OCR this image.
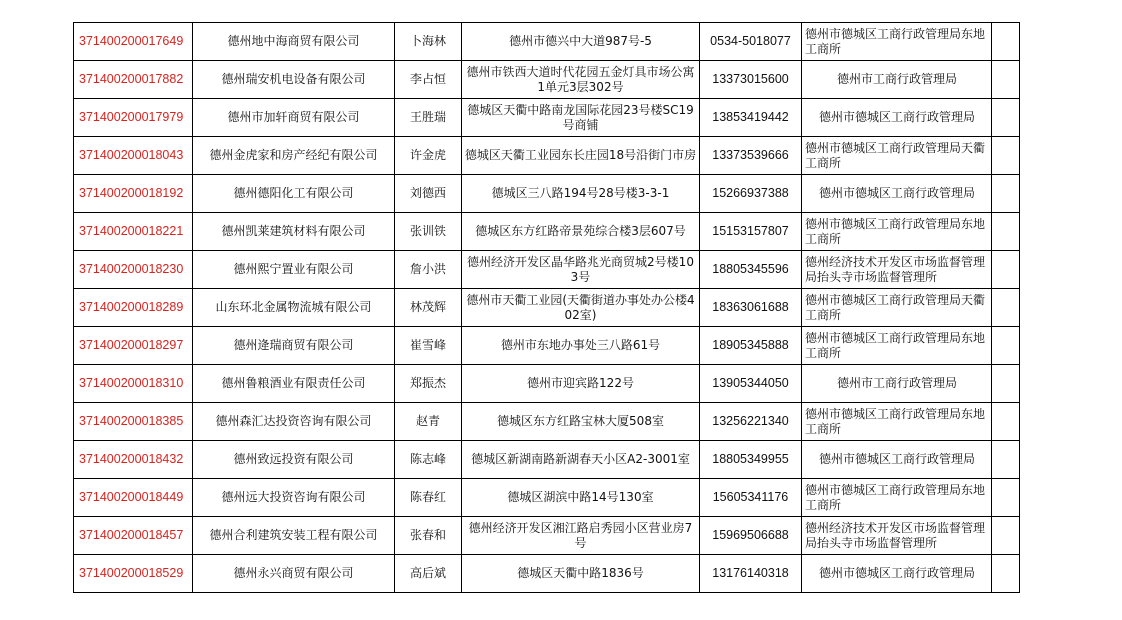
371400200017649	德州地中海商贸有限公司	卜海林	德州市德兴中大道987号-5	0534-5018077	德州市德城区工商行政管理局东地工商所	
371400200017882	德州瑞安机电设备有限公司	李占恒	德州市铁西大道时代花园五金灯具市场公寓1单元3层302号	13373015600	德州市工商行政管理局	
371400200017979	德州市加轩商贸有限公司	王胜瑞	德城区天衢中路南龙国际花园23号楼SC19号商铺	13853419442	德州市德城区工商行政管理局	
371400200018043	德州金虎家和房产经纪有限公司	许金虎	德城区天衢工业园东长庄园18号沿街门市房	13373539666	德州市德城区工商行政管理局天衢工商所	
371400200018192	德州德阳化工有限公司	刘德西	德城区三八路194号28号楼3-3-1	15266937388	德州市德城区工商行政管理局	
371400200018221	德州凯莱建筑材料有限公司	张训铁	德城区东方红路帝景苑综合楼3层607号	15153157807	德州市德城区工商行政管理局东地工商所	
371400200018230	德州熙宁置业有限公司	詹小洪	德州经济开发区晶华路兆光商贸城2号楼103号	18805345596	德州经济技术开发区市场监督管理局抬头寺市场监督管理所	
371400200018289	山东环北金属物流城有限公司	林茂辉	德州市天衢工业园(天衢街道办事处办公楼402室)	18363061688	德州市德城区工商行政管理局天衢工商所	
371400200018297	德州逄瑞商贸有限公司	崔雪峰	德州市东地办事处三八路61号	18905345888	德州市德城区工商行政管理局东地工商所	
371400200018310	德州鲁粮酒业有限责任公司	郑振杰	德州市迎宾路122号	13905344050	德州市工商行政管理局	
371400200018385	德州森汇达投资咨询有限公司	赵青	德城区东方红路宝林大厦508室	13256221340	德州市德城区工商行政管理局东地工商所	
371400200018432	德州致远投资有限公司	陈志峰	德城区新湖南路新湖春天小区A2-3001室	18805349955	德州市德城区工商行政管理局	
371400200018449	德州远大投资咨询有限公司	陈春红	德城区湖滨中路14号130室	15605341176	德州市德城区工商行政管理局东地工商所	
371400200018457	德州合利建筑安装工程有限公司	张春和	德州经济开发区湘江路启秀园小区营业房7号	15969506688	德州经济技术开发区市场监督管理局抬头寺市场监督管理所	
371400200018529	德州永兴商贸有限公司	高后斌	德城区天衢中路1836号	13176140318	德州市德城区工商行政管理局	
